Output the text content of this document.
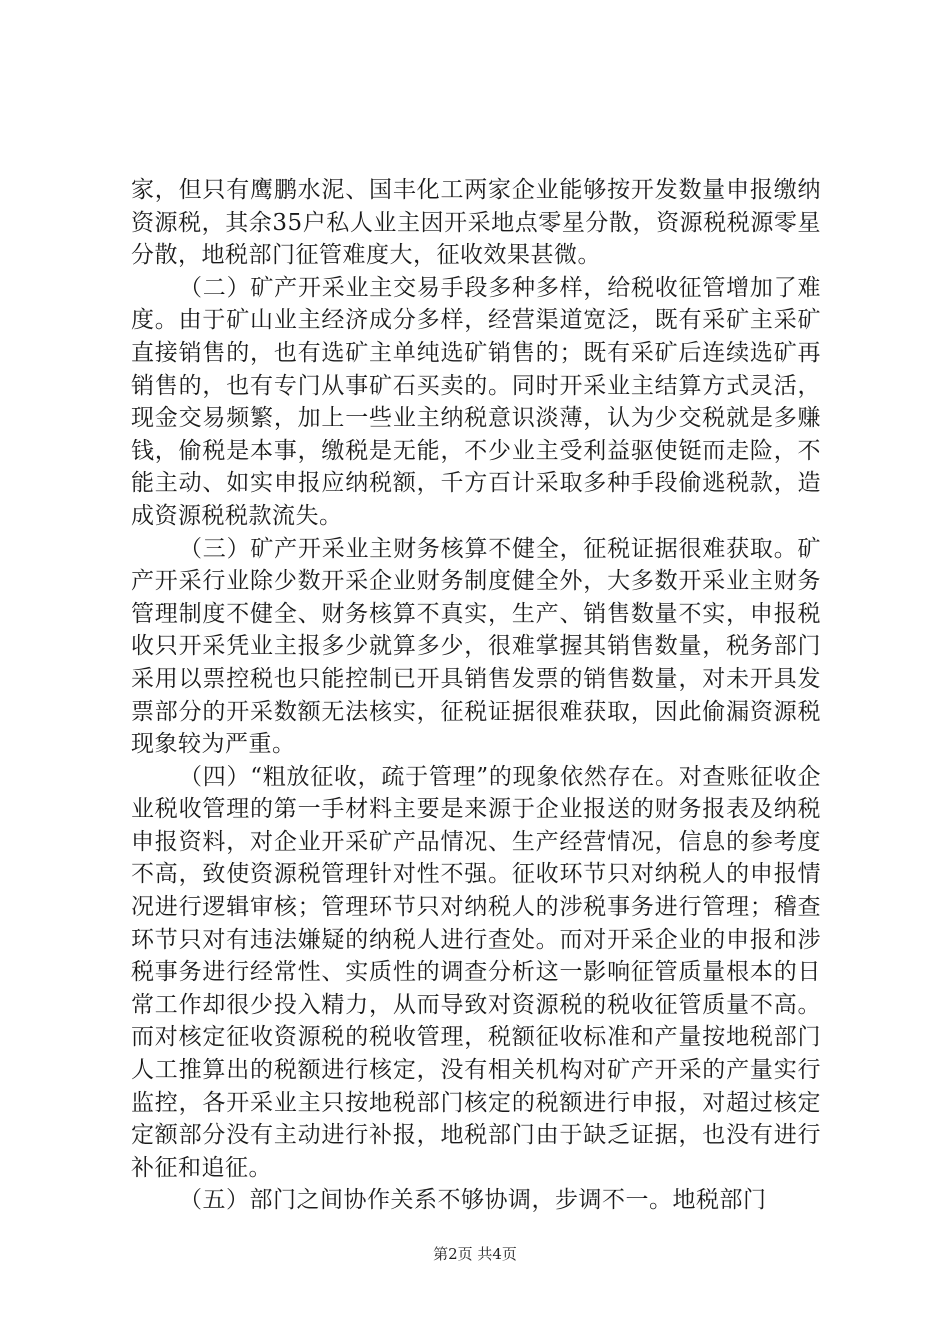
家，但只有鹰鹏水泥、国丰化工两家企业能够按开发数量申报缴纳资源税，其余35户私人业主因开采地点零星分散，资源税税源零星分散，地税部门征管难度大，征收效果甚微。

（二）矿产开采业主交易手段多种多样，给税收征管增加了难度。由于矿山业主经济成分多样，经营渠道宽泛，既有采矿主采矿直接销售的，也有选矿主单纯选矿销售的；既有采矿后连续选矿再销售的，也有专门从事矿石买卖的。同时开采业主结算方式灵活，现金交易频繁，加上一些业主纳税意识淡薄，认为少交税就是多赚钱，偷税是本事，缴税是无能，不少业主受利益驱使铤而走险，不能主动、如实申报应纳税额，千方百计采取多种手段偷逃税款，造成资源税税款流失。

（三）矿产开采业主财务核算不健全，征税证据很难获取。矿产开采行业除少数开采企业财务制度健全外，大多数开采业主财务管理制度不健全、财务核算不真实，生产、销售数量不实，申报税收只开采凭业主报多少就算多少，很难掌握其销售数量，税务部门采用以票控税也只能控制已开具销售发票的销售数量，对未开具发票部分的开采数额无法核实，征税证据很难获取，因此偷漏资源税现象较为严重。

（四）“粗放征收，疏于管理”的现象依然存在。对查账征收企业税收管理的第一手材料主要是来源于企业报送的财务报表及纳税申报资料，对企业开采矿产品情况、生产经营情况，信息的参考度不高，致使资源税管理针对性不强。征收环节只对纳税人的申报情况进行逻辑审核；管理环节只对纳税人的涉税事务进行管理；稽查环节只对有违法嫌疑的纳税人进行查处。而对开采企业的申报和涉税事务进行经常性、实质性的调查分析这一影响征管质量根本的日常工作却很少投入精力，从而导致对资源税的税收征管质量不高。而对核定征收资源税的税收管理，税额征收标准和产量按地税部门人工推算出的税额进行核定，没有相关机构对矿产开采的产量实行监控，各开采业主只按地税部门核定的税额进行申报，对超过核定定额部分没有主动进行补报，地税部门由于缺乏证据，也没有进行补征和追征。

（五）部门之间协作关系不够协调，步调不一。地税部门

第2页 共4页
